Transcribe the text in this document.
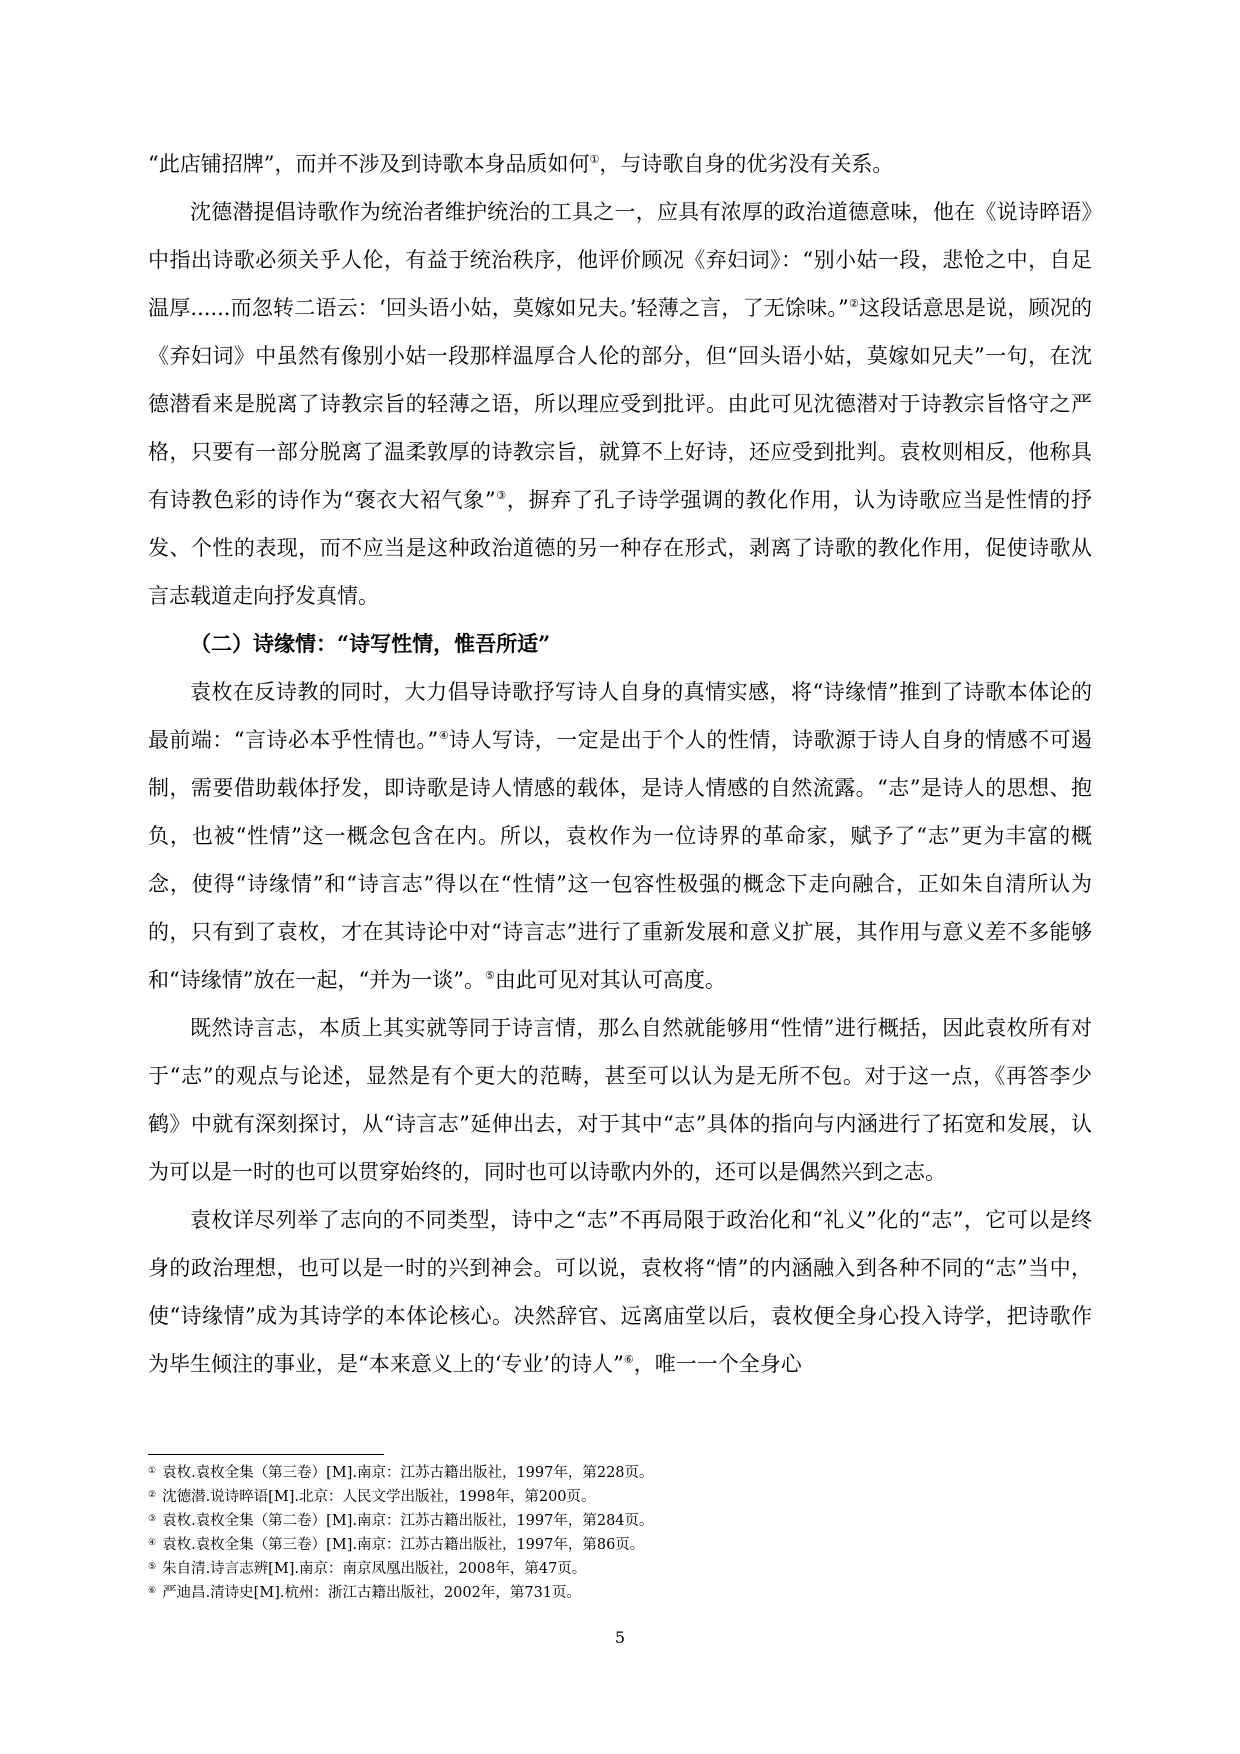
“此店铺招牌”，而并不涉及到诗歌本身品质如何①，与诗歌自身的优劣没有关系。

沈德潜提倡诗歌作为统治者维护统治的工具之一，应具有浓厚的政治道德意味，他在《说诗晬语》中指出诗歌必须关乎人伦，有益于统治秩序，他评价顾况《弃妇词》：“别小姑一段，悲怆之中，自足温厚......而忽转二语云：‘回头语小姑，莫嫁如兄夫。’轻薄之言，了无馀味。”②这段话意思是说，顾况的《弃妇词》中虽然有像别小姑一段那样温厚合人伦的部分，但“回头语小姑，莫嫁如兄夫”一句，在沈德潜看来是脱离了诗教宗旨的轻薄之语，所以理应受到批评。由此可见沈德潜对于诗教宗旨恪守之严格，只要有一部分脱离了温柔敦厚的诗教宗旨，就算不上好诗，还应受到批判。袁枚则相反，他称具有诗教色彩的诗作为“褒衣大袑气象”③，摒弃了孔子诗学强调的教化作用，认为诗歌应当是性情的抒发、个性的表现，而不应当是这种政治道德的另一种存在形式，剥离了诗歌的教化作用，促使诗歌从言志载道走向抒发真情。

（二）诗缘情：“诗写性情，惟吾所适”

袁枚在反诗教的同时，大力倡导诗歌抒写诗人自身的真情实感，将“诗缘情”推到了诗歌本体论的最前端：“言诗必本乎性情也。”④诗人写诗，一定是出于个人的性情，诗歌源于诗人自身的情感不可遏制，需要借助载体抒发，即诗歌是诗人情感的载体，是诗人情感的自然流露。“志”是诗人的思想、抱负，也被“性情”这一概念包含在内。所以，袁枚作为一位诗界的革命家，赋予了“志”更为丰富的概念，使得“诗缘情”和“诗言志”得以在“性情”这一包容性极强的概念下走向融合，正如朱自清所认为的，只有到了袁枚，才在其诗论中对“诗言志”进行了重新发展和意义扩展，其作用与意义差不多能够和“诗缘情”放在一起，“并为一谈”。⑤由此可见对其认可高度。

既然诗言志，本质上其实就等同于诗言情，那么自然就能够用“性情”进行概括，因此袁枚所有对于“志”的观点与论述，显然是有个更大的范畴，甚至可以认为是无所不包。对于这一点，《再答李少鹤》中就有深刻探讨，从“诗言志”延伸出去，对于其中“志”具体的指向与内涵进行了拓宽和发展，认为可以是一时的也可以贯穿始终的，同时也可以诗歌内外的，还可以是偶然兴到之志。

袁枚详尽列举了志向的不同类型，诗中之“志”不再局限于政治化和“礼义”化的“志”，它可以是终身的政治理想，也可以是一时的兴到神会。可以说，袁枚将“情”的内涵融入到各种不同的“志”当中，使“诗缘情”成为其诗学的本体论核心。决然辞官、远离庙堂以后，袁枚便全身心投入诗学，把诗歌作为毕生倾注的事业，是“本来意义上的‘专业’的诗人”⑥，唯一一个全身心

① 袁枚.袁枚全集（第三卷）[M].南京：江苏古籍出版社，1997年，第228页。
② 沈德潜.说诗晬语[M].北京：人民文学出版社，1998年，第200页。
③ 袁枚.袁枚全集（第二卷）[M].南京：江苏古籍出版社，1997年，第284页。
④ 袁枚.袁枚全集（第三卷）[M].南京：江苏古籍出版社，1997年，第86页。
⑤ 朱自清.诗言志辨[M].南京：南京凤凰出版社，2008年，第47页。
⑥ 严迪昌.清诗史[M].杭州：浙江古籍出版社，2002年，第731页。
5
